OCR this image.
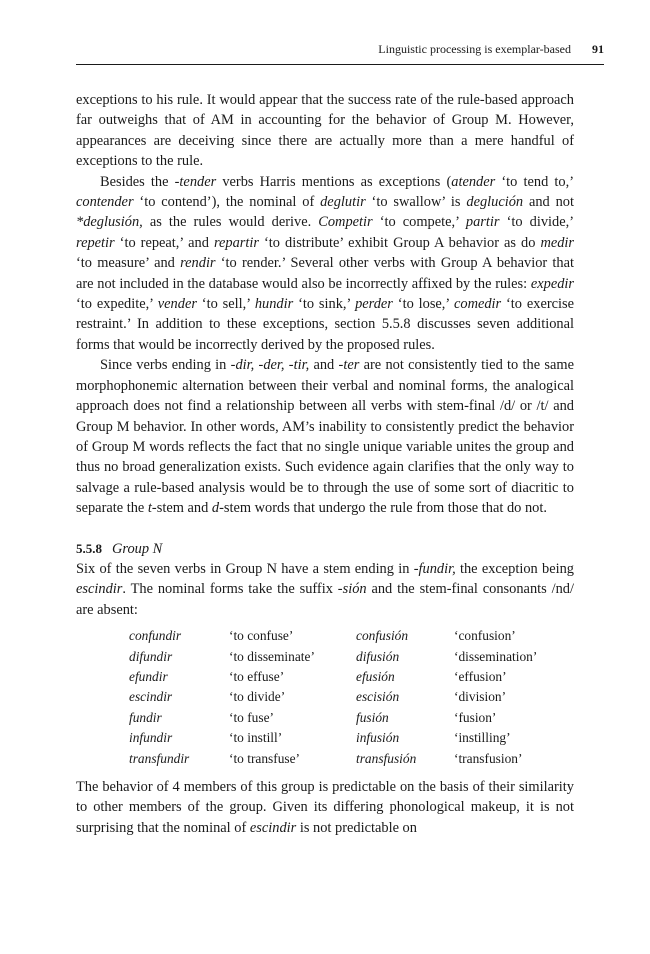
Linguistic processing is exemplar-based 91

exceptions to his rule. It would appear that the success rate of the rule-based approach far outweighs that of AM in accounting for the behavior of Group M. However, appearances are deceiving since there are actually more than a mere handful of exceptions to the rule.

Besides the -tender verbs Harris mentions as exceptions (atender ‘to tend to,’ contender ‘to contend’), the nominal of deglutir ‘to swallow’ is deglución and not *deglusión, as the rules would derive. Competir ‘to compete,’ partir ‘to divide,’ repetir ‘to repeat,’ and repartir ‘to distribute’ exhibit Group A behavior as do medir ‘to measure’ and rendir ‘to render.’ Several other verbs with Group A behavior that are not included in the database would also be incorrectly affixed by the rules: expedir ‘to expedite,’ vender ‘to sell,’ hundir ‘to sink,’ perder ‘to lose,’ comedir ‘to exercise restraint.’ In addition to these exceptions, section 5.5.8 discusses seven additional forms that would be incorrectly derived by the proposed rules.

Since verbs ending in -dir, -der, -tir, and -ter are not consistently tied to the same morphophonemic alternation between their verbal and nominal forms, the analogical approach does not find a relationship between all verbs with stem-final /d/ or /t/ and Group M behavior. In other words, AM’s inability to consistently predict the behavior of Group M words reflects the fact that no single unique variable unites the group and thus no broad generalization exists. Such evidence again clarifies that the only way to salvage a rule-based analysis would be to through the use of some sort of diacritic to separate the t-stem and d-stem words that undergo the rule from those that do not.

5.5.8 Group N

Six of the seven verbs in Group N have a stem ending in -fundir, the exception being escindir. The nominal forms take the suffix -sión and the stem-final consonants /nd/ are absent:

confundir	‘to confuse’	confusión	‘confusion’
difundir	‘to disseminate’	difusión	‘dissemination’
efundir	‘to effuse’	efusión	‘effusion’
escindir	‘to divide’	escisión	‘division’
fundir	‘to fuse’	fusión	‘fusion’
infundir	‘to instill’	infusión	‘instilling’
transfundir	‘to transfuse’	transfusión	‘transfusion’

The behavior of 4 members of this group is predictable on the basis of their similarity to other members of the group. Given its differing phonological makeup, it is not surprising that the nominal of escindir is not predictable on
